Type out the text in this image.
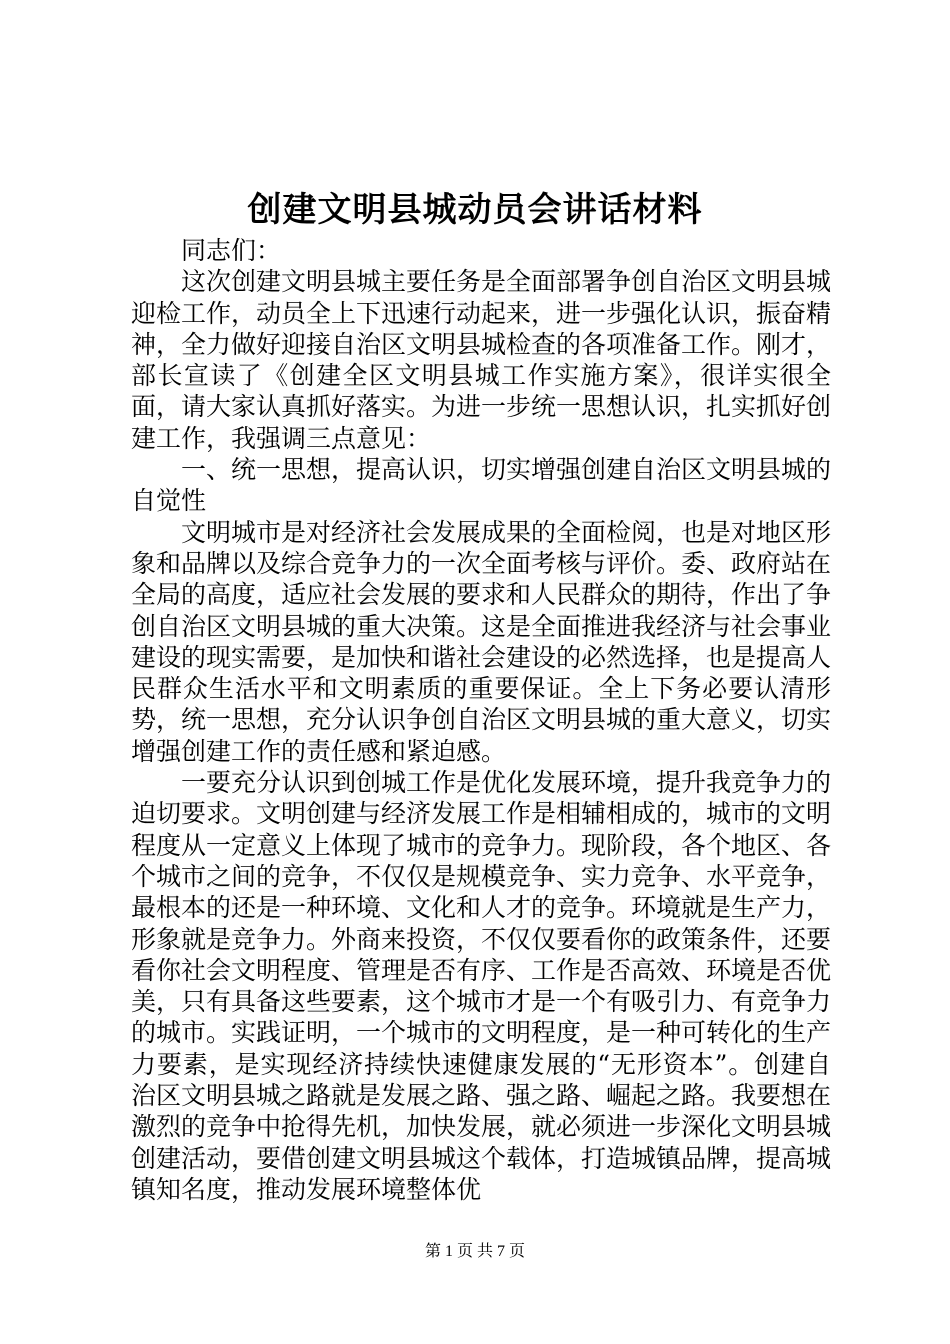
创建文明县城动员会讲话材料

同志们：

这次创建文明县城主要任务是全面部署争创自治区文明县城迎检工作，动员全上下迅速行动起来，进一步强化认识，振奋精神，全力做好迎接自治区文明县城检查的各项准备工作。刚才，部长宣读了《创建全区文明县城工作实施方案》，很详实很全面，请大家认真抓好落实。为进一步统一思想认识，扎实抓好创建工作，我强调三点意见：

一、统一思想，提高认识，切实增强创建自治区文明县城的自觉性

文明城市是对经济社会发展成果的全面检阅，也是对地区形象和品牌以及综合竞争力的一次全面考核与评价。委、政府站在全局的高度，适应社会发展的要求和人民群众的期待，作出了争创自治区文明县城的重大决策。这是全面推进我经济与社会事业建设的现实需要，是加快和谐社会建设的必然选择，也是提高人民群众生活水平和文明素质的重要保证。全上下务必要认清形势，统一思想，充分认识争创自治区文明县城的重大意义，切实增强创建工作的责任感和紧迫感。

一要充分认识到创城工作是优化发展环境，提升我竞争力的迫切要求。文明创建与经济发展工作是相辅相成的，城市的文明程度从一定意义上体现了城市的竞争力。现阶段，各个地区、各个城市之间的竞争，不仅仅是规模竞争、实力竞争、水平竞争，最根本的还是一种环境、文化和人才的竞争。环境就是生产力，形象就是竞争力。外商来投资，不仅仅要看你的政策条件，还要看你社会文明程度、管理是否有序、工作是否高效、环境是否优美，只有具备这些要素，这个城市才是一个有吸引力、有竞争力的城市。实践证明，一个城市的文明程度，是一种可转化的生产力要素，是实现经济持续快速健康发展的“无形资本”。创建自治区文明县城之路就是发展之路、强之路、崛起之路。我要想在激烈的竞争中抢得先机，加快发展，就必须进一步深化文明县城创建活动，要借创建文明县城这个载体，打造城镇品牌，提高城镇知名度，推动发展环境整体优

第 1 页 共 7 页
